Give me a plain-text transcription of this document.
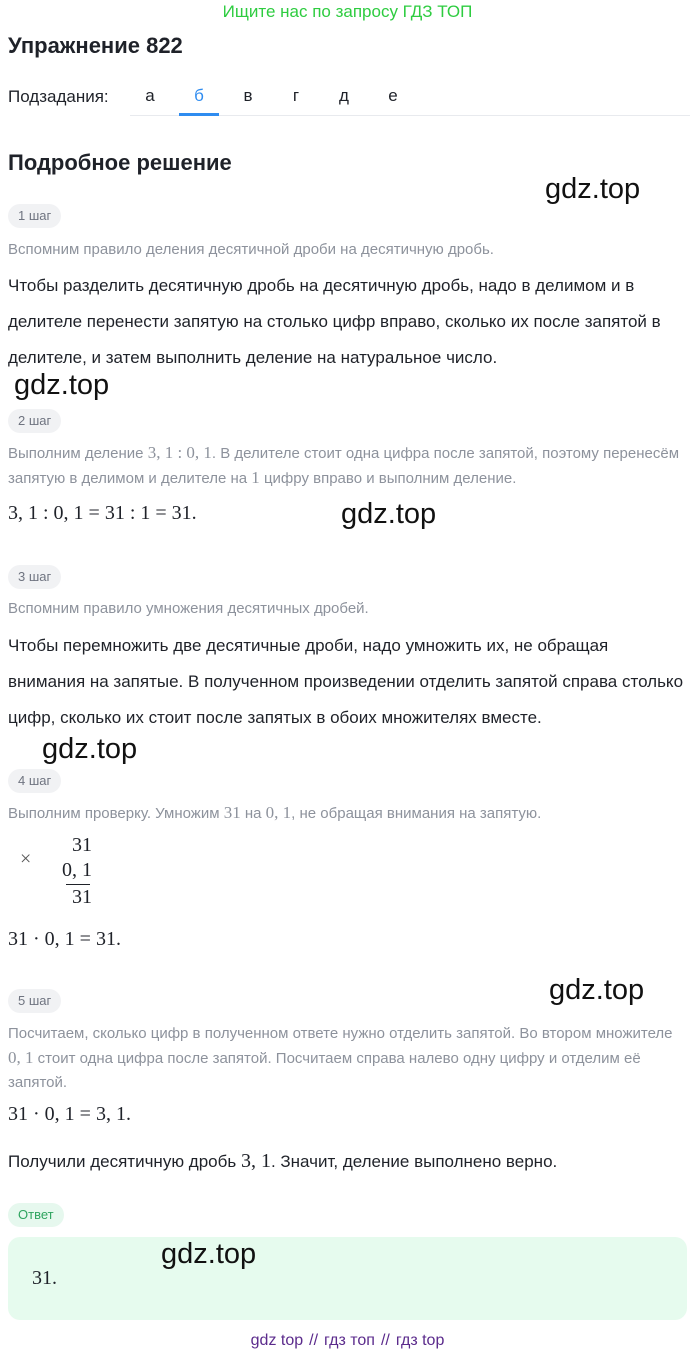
Ищите нас по запросу ГДЗ ТОП
Упражнение 822
Подзадания:	а	б	в	г	д	е
Подробное решение
gdz.top
1 шаг
Вспомним правило деления десятичной дроби на десятичную дробь.
Чтобы разделить десятичную дробь на десятичную дробь, надо в делимом и в делителе перенести запятую на столько цифр вправо, сколько их после запятой в делителе, и затем выполнить деление на натуральное число.
gdz.top
2 шаг
Выполним деление 3, 1 : 0, 1. В делителе стоит одна цифра после запятой, поэтому перенесём запятую в делимом и делителе на 1 цифру вправо и выполним деление.
3, 1 : 0, 1 = 31 : 1 = 31.	gdz.top
3 шаг
Вспомним правило умножения десятичных дробей.
Чтобы перемножить две десятичные дроби, надо умножить их, не обращая внимания на запятые. В полученном произведении отделить запятой справа столько цифр, сколько их стоит после запятых в обоих множителях вместе.
gdz.top
4 шаг
Выполним проверку. Умножим 31 на 0, 1, не обращая внимания на запятую.
×
31
0, 1
31
31 · 0, 1 = 31.
gdz.top
5 шаг
Посчитаем, сколько цифр в полученном ответе нужно отделить запятой. Во втором множителе 0, 1 стоит одна цифра после запятой. Посчитаем справа налево одну цифру и отделим её запятой.
31 · 0, 1 = 3, 1.
Получили десятичную дробь 3, 1. Значит, деление выполнено верно.
Ответ
31.
gdz.top
gdz top // гдз топ // гдз top
